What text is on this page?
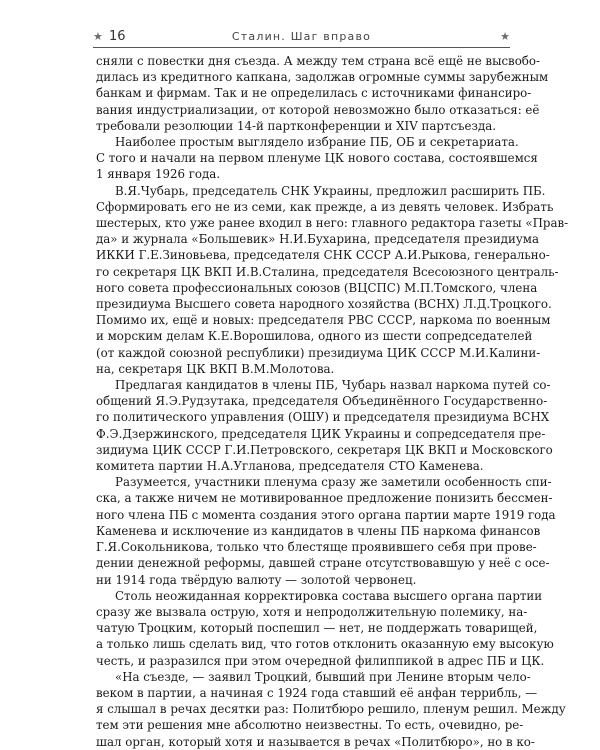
★ 16	Сталин. Шаг вправо	★
сняли с повестки дня съезда. А между тем страна всё ещё не высвобо-
дилась из кредитного капкана, задолжав огромные суммы зарубежным
банкам и фирмам. Так и не определилась с источниками финансиро-
вания индустриализации, от которой невозможно было отказаться: её
требовали резолюции 14-й партконференции и XIV партсъезда.
Наиболее простым выглядело избрание ПБ, ОБ и секретариата.
С того и начали на первом пленуме ЦК нового состава, состоявшемся
1 января 1926 года.
В.Я.Чубарь, председатель СНК Украины, предложил расширить ПБ.
Сформировать его не из семи, как прежде, а из девять человек. Избрать
шестерых, кто уже ранее входил в него: главного редактора газеты «Прав-
да» и журнала «Большевик» Н.И.Бухарина, председателя президиума
ИККИ Г.Е.Зиновьева, председателя СНК СССР А.И.Рыкова, генерально-
го секретаря ЦК ВКП И.В.Сталина, председателя Всесоюзного централь-
ного совета профессиональных союзов (ВЦСПС) М.П.Томского, члена
президиума Высшего совета народного хозяйства (ВСНХ) Л.Д.Троцкого.
Помимо их, ещё и новых: председателя РВС СССР, наркома по военным
и морским делам К.Е.Ворошилова, одного из шести сопредседателей
(от каждой союзной республики) президиума ЦИК СССР М.И.Калини-
на, секретаря ЦК ВКП В.М.Молотова.
Предлагая кандидатов в члены ПБ, Чубарь назвал наркома путей со-
общений Я.Э.Рудзутака, председателя Объединённого Государственно-
го политического управления (ОШУ) и председателя президиума ВСНХ
Ф.Э.Дзержинского, председателя ЦИК Украины и сопредседателя пре-
зидиума ЦИК СССР Г.И.Петровского, секретаря ЦК ВКП и Московского
комитета партии Н.А.Угланова, председателя СТО Каменева.
Разумеется, участники пленума сразу же заметили особенность спи-
ска, а также ничем не мотивированное предложение понизить бессмен-
ного члена ПБ с момента создания этого органа партии марте 1919 года
Каменева и исключение из кандидатов в члены ПБ наркома финансов
Г.Я.Сокольникова, только что блестяще проявившего себя при прове-
дении денежной реформы, давшей стране отсутствовавшую у неё с осе-
ни 1914 года твёрдую валюту — золотой червонец.
Столь неожиданная корректировка состава высшего органа партии
сразу же вызвала острую, хотя и непродолжительную полемику, на-
чатую Троцким, который поспешил — нет, не поддержать товарищей,
а только лишь сделать вид, что готов отклонить оказанную ему высокую
честь, и разразился при этом очередной филиппикой в адрес ПБ и ЦК.
«На съезде, — заявил Троцкий, бывший при Ленине вторым чело-
веком в партии, а начиная с 1924 года ставший её анфан террибль, —
я слышал в речах десятки раз: Политбюро решило, пленум решил. Между
тем эти решения мне абсолютно неизвестны. То есть, очевидно, ре-
шал орган, который хотя и называется в речах «Политбюро», но в ко-
